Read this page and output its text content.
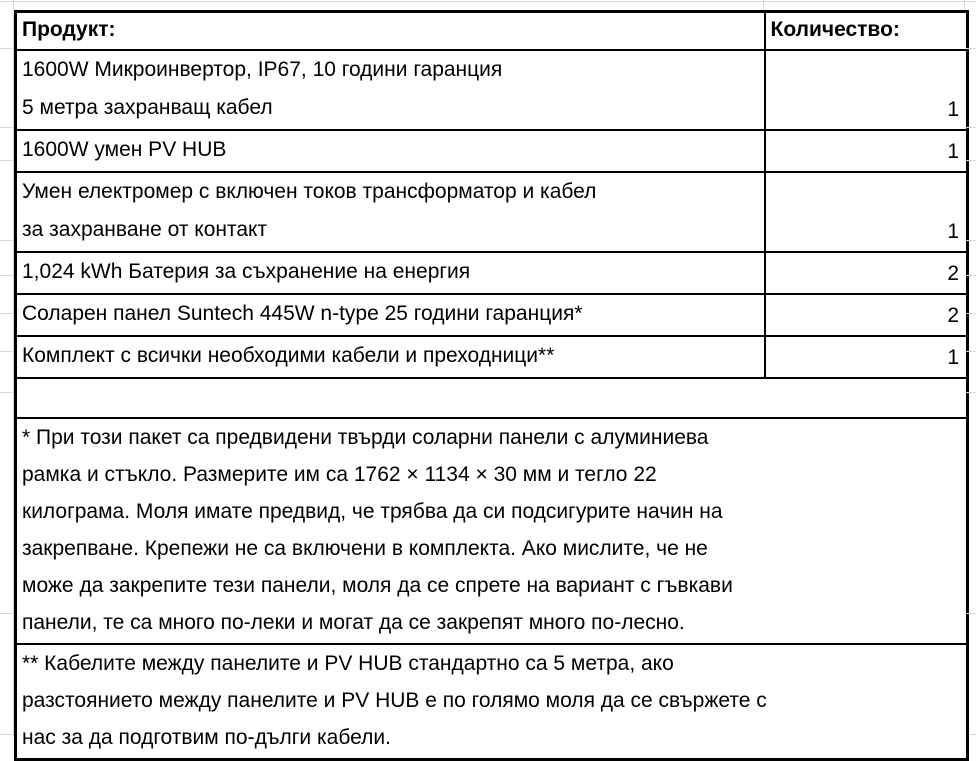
Продукт:	Количество:

1600W Микроинвертор, IP67, 10 години гаранция
5 метра захранващ кабел	1

1600W умен PV HUB	1

Умен електромер с включен токов трансформатор и кабел
за захранване от контакт	1

1,024 kWh Батерия за съхранение на енергия	2

Соларен панел Suntech 445W n-type 25 години гаранция*	2

Комплект с всички необходими кабели и преходници**	1

* При този пакет са предвидени твърди соларни панели с алуминиева
рамка и стъкло. Размерите им са 1762 × 1134 × 30 мм и тегло 22
килограма. Моля имате предвид, че трябва да си подсигурите начин на
закрепване. Крепежи не са включени в комплекта. Ако мислите, че не
може да закрепите тези панели, моля да се спрете на вариант с гъвкави
панели, те са много по-леки и могат да се закрепят много по-лесно.

** Кабелите между панелите и PV HUB стандартно са 5 метра, ако
разстоянието между панелите и PV HUB е по голямо моля да се свържете с
нас за да подготвим по-дълги кабели.	
